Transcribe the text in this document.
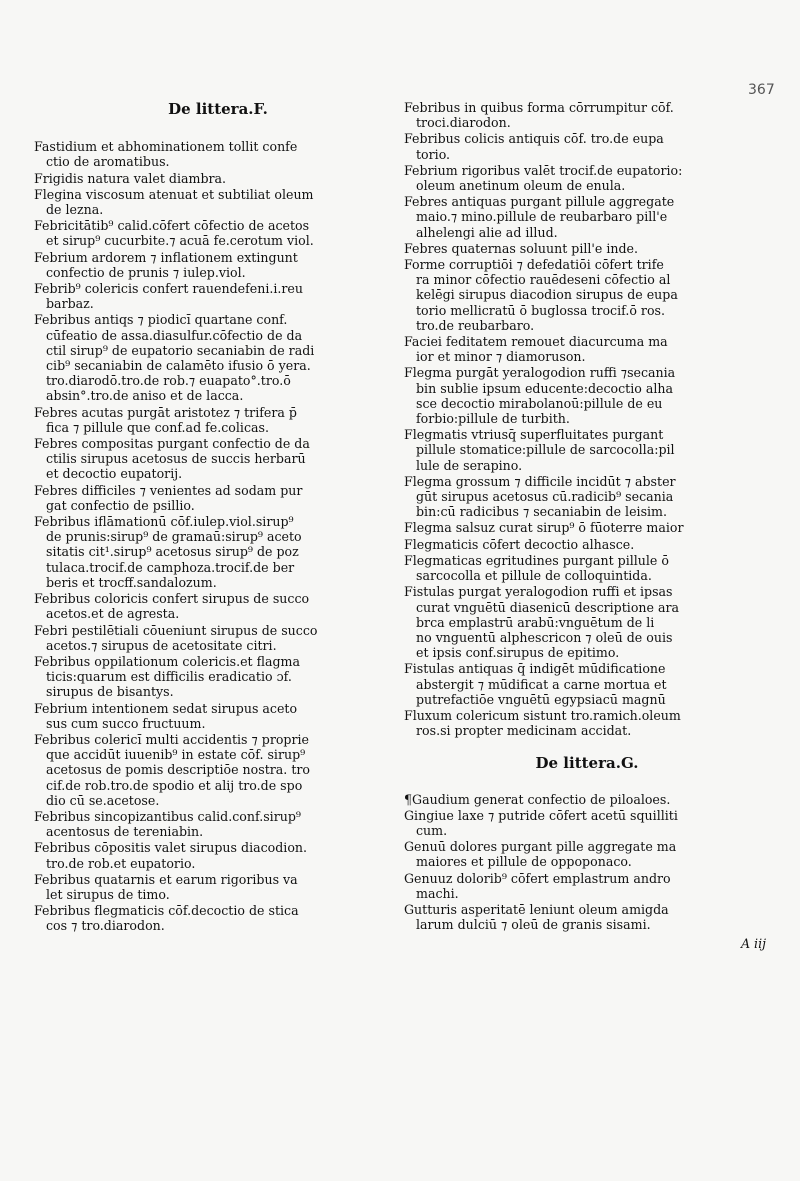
367
De littera.F.
Fastidium et abhominationem tollit confe
ctio de aromatibus.
Frigidis natura valet diambra.
Flegina viscosum atenuat et subtiliat oleum
de lezna.
Febricitātib⁹ calid.cōfert cōfectio de acetos
et sirup⁹ cucurbite.⁊ acuā fe.cerotum viol.
Febrium ardorem ⁊ inflationem extingunt
confectio de prunis ⁊ iulep.viol.
Febrib⁹ colericis confert rauendefeni.i.reu
barbaz.
Febribus antiqs ⁊ piodicı̄ quartane conf.
cūfeatio de assa.diasulfur.cōfectio de da
ctil sirup⁹ de eupatorio secaniabin de radi
cib⁹ secaniabin de calamēto ifusio ō yera.
tro.diarodō.tro.de rob.⁊ euapato°.tro.ō
absin°.tro.de aniso et de lacca.
Febres acutas purgāt aristotez ⁊ trifera p̄
fica ⁊ pillule que conf.ad fe.colicas.
Febres compositas purgant confectio de da
ctilis sirupus acetosus de succis herbarū
et decoctio eupatorij.
Febres difficiles ⁊ venientes ad sodam pur
gat confectio de psillio.
Febribus iflāmationū cōf.iulep.viol.sirup⁹
de prunis:sirup⁹ de gramaū:sirup⁹ aceto
sitatis cit¹.sirup⁹ acetosus sirup⁹ de poz
tulaca.trocif.de camphoza.trocif.de ber
beris et trocff.sandalozum.
Febribus coloricis confert sirupus de succo
acetos.et de agresta.
Febri pestilētiali cōueniunt sirupus de succo
acetos.⁊ sirupus de acetositate citri.
Febribus oppilationum colericis.et flagma
ticis:quarum est difficilis eradicatio ɔf.
sirupus de bisantys.
Febrium intentionem sedat sirupus aceto
sus cum succo fructuum.
Febribus colericı̄ multi accidentis ⁊ proprie
que accidūt iuuenib⁹ in estate cōf. sirup⁹
acetosus de pomis descriptiōe nostra. tro
cif.de rob.tro.de spodio et alij tro.de spo
dio cū se.acetose.
Febribus sincopizantibus calid.conf.sirup⁹
acentosus de tereniabin.
Febribus cōpositis valet sirupus diacodion.
tro.de rob.et eupatorio.
Febribus quatarnis et earum rigoribus va
let sirupus de timo.
Febribus flegmaticis cōf.decoctio de stica
cos ⁊ tro.diarodon.
Febribus in quibus forma cōrrumpitur cōf.
troci.diarodon.
Febribus colicis antiquis cōf. tro.de eupa
torio.
Febrium rigoribus valēt trocif.de eupatorio:
oleum anetinum oleum de enula.
Febres antiquas purgant pillule aggregate
maio.⁊ mino.pillule de reubarbaro pill'e
alhelengi alie ad illud.
Febres quaternas soluunt pill'e inde.
Forme corruptiōi ⁊ defedatiōi cōfert trife
ra minor cōfectio rauēdeseni cōfectio al
kelēgi sirupus diacodion sirupus de eupa
torio mellicratū ō buglossa trocif.ō ros.
tro.de reubarbaro.
Faciei feditatem remouet diacurcuma ma
ior et minor ⁊ diamoruson.
Flegma purgāt yeralogodion ruffi ⁊secania
bin sublie ipsum educente:decoctio alha
sce decoctio mirabolanoū:pillule de eu
forbio:pillule de turbith.
Flegmatis vtriusq̄ superfluitates purgant
pillule stomatice:pillule de sarcocolla:pil
lule de serapino.
Flegma grossum ⁊ difficile incidūt ⁊ abster
gūt sirupus acetosus cū.radicib⁹ secania
bin:cū radicibus ⁊ secaniabin de leisim.
Flegma salsuz curat sirup⁹ ō fūoterre maior
Flegmaticis cōfert decoctio alhasce.
Flegmaticas egritudines purgant pillule ō
sarcocolla et pillule de colloquintida.
Fistulas purgat yeralogodion ruffi et ipsas
curat vnguētū diasenicū descriptione ara
brca emplastrū arabū:vnguētum de li
no vnguentū alphescricon ⁊ oleū de ouis
et ipsis conf.sirupus de epitimo.
Fistulas antiquas q̄ indigēt mūdificatione
abstergit ⁊ mūdificat a carne mortua et
putrefactiōe vnguētū egypsiacū magnū
Fluxum colericum sistunt tro.ramich.oleum
ros.si propter medicinam accidat.
De littera.G.
¶Gaudium generat confectio de piloaloes.
Gingiue laxe ⁊ putride cōfert acetū squilliti
cum.
Genuū dolores purgant pille aggregate ma
maiores et pillule de oppoponaco.
Genuuz dolorib⁹ cōfert emplastrum andro
machi.
Gutturis asperitatē leniunt oleum amigda
larum dulciū ⁊ oleū de granis sisami.
A iij
